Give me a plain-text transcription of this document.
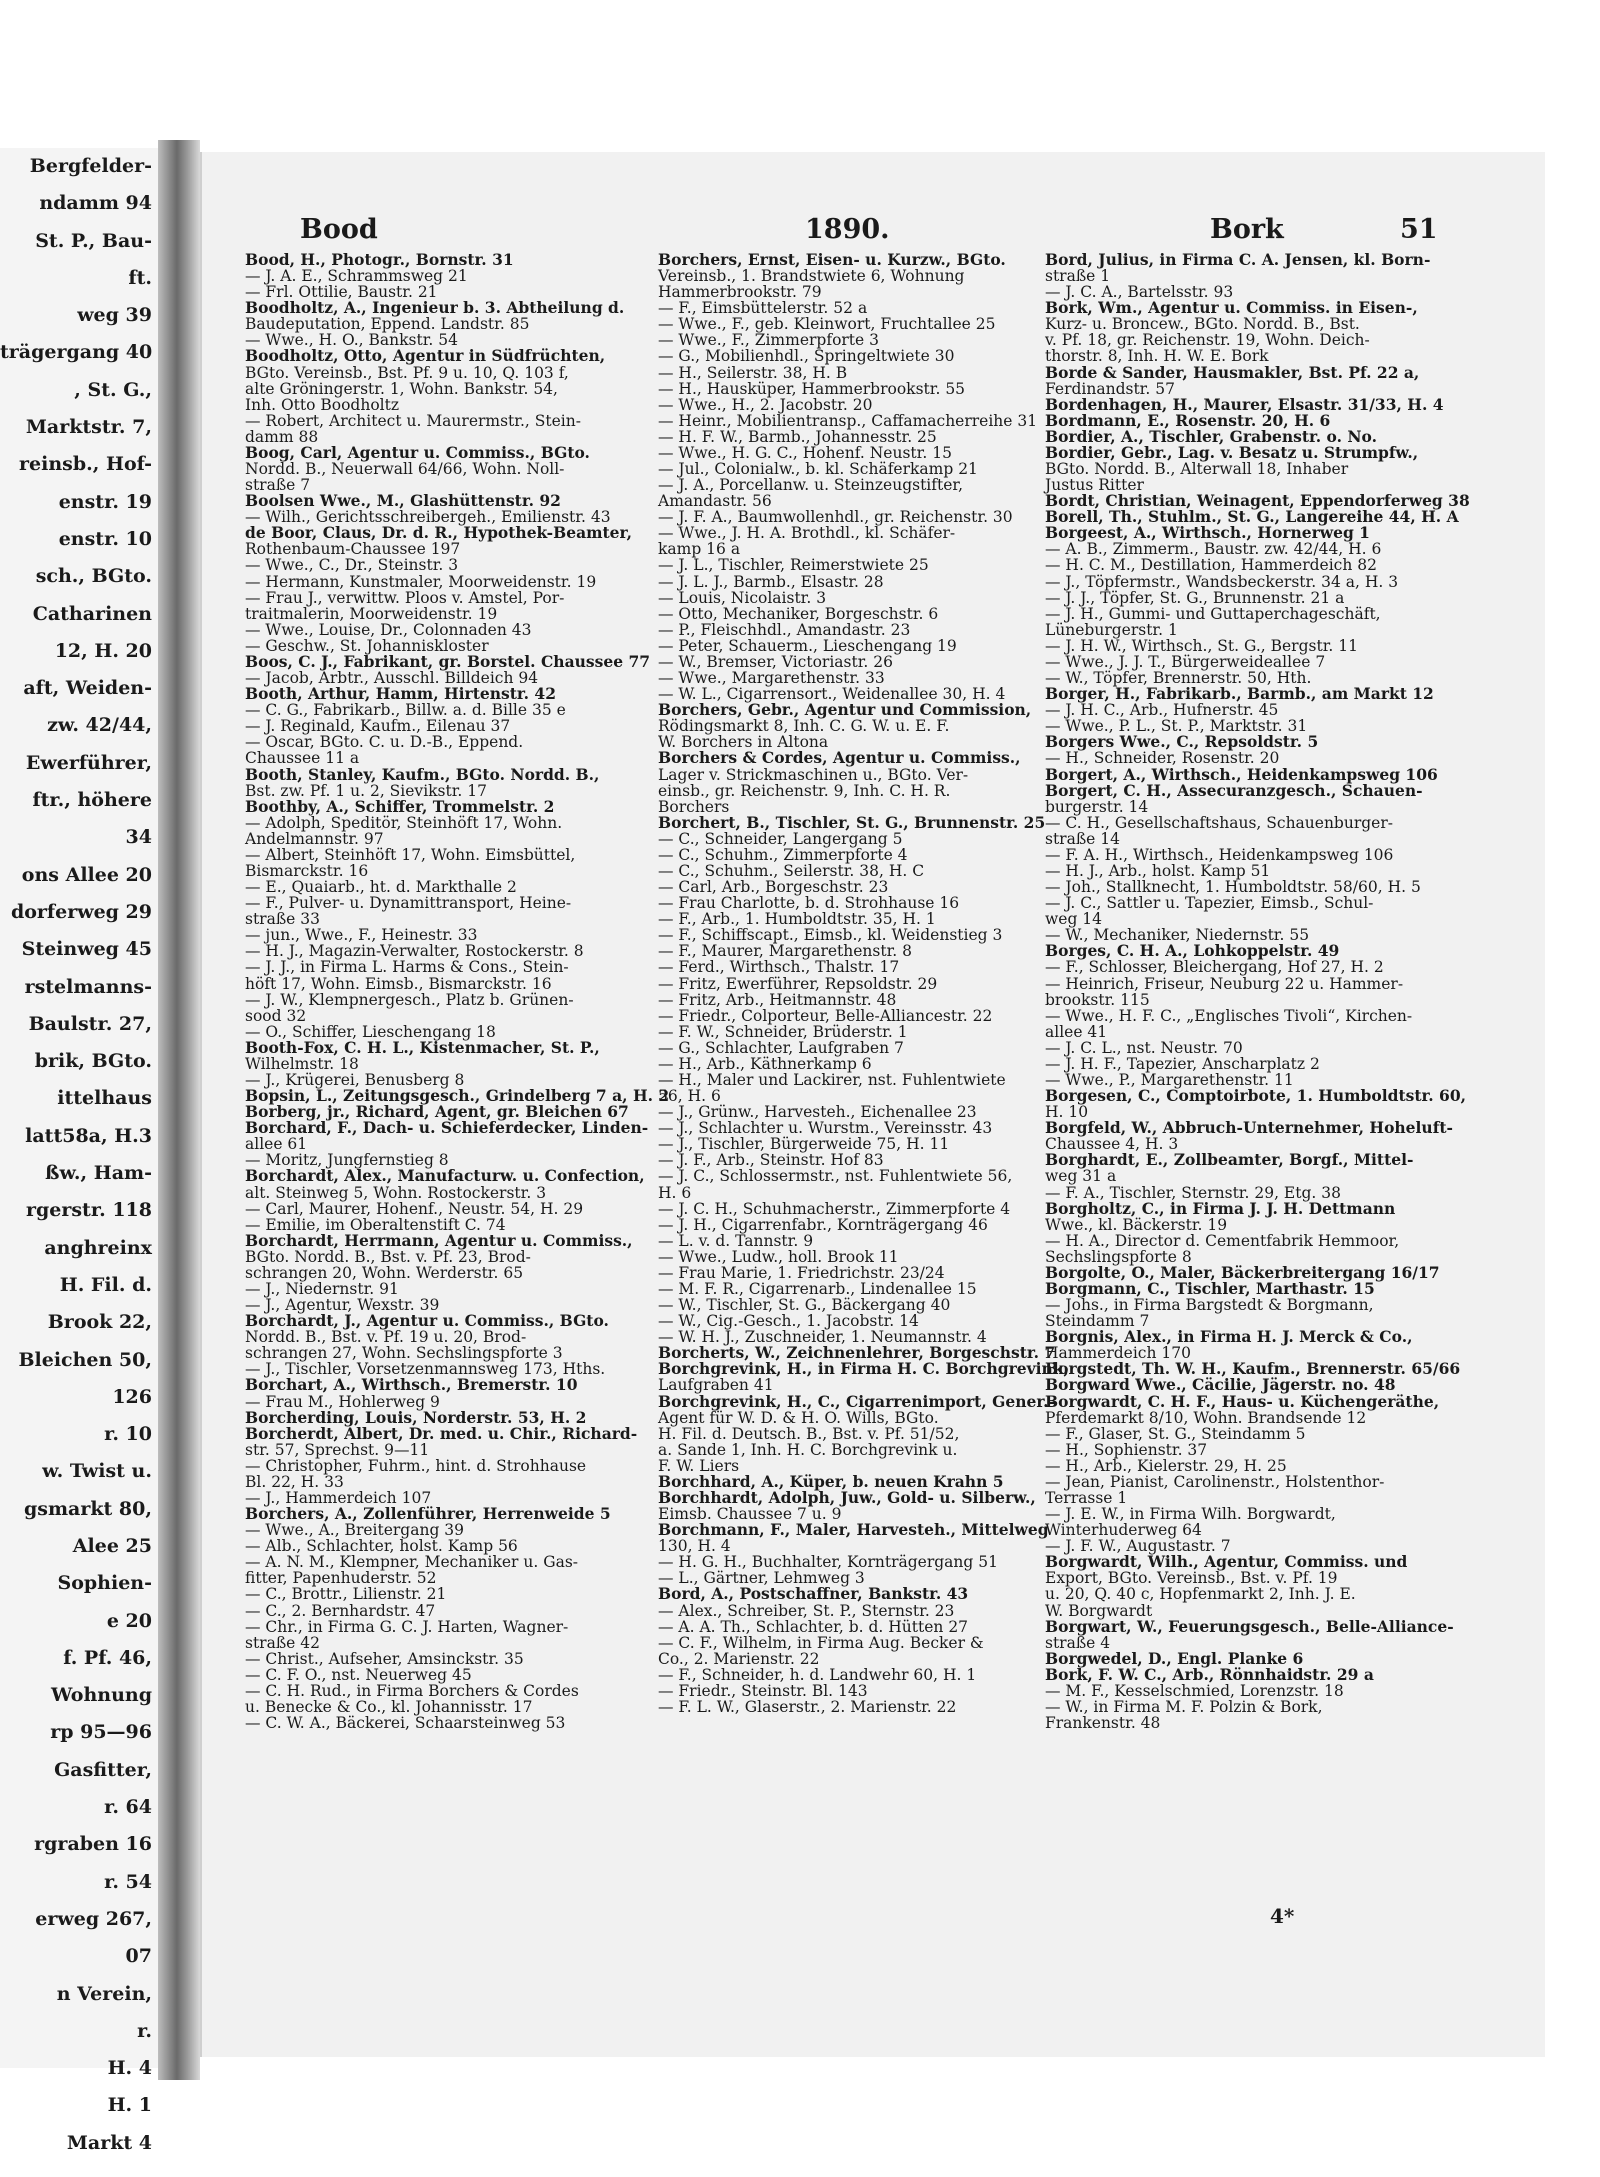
Bergfelder-
ndamm 94
St. P., Bau-
ft.
weg 39
trägergang 40
, St. G.,
Marktstr. 7,
reinsb., Hof-
enstr. 19
enstr. 10
sch., BGto.
Catharinen
12, H. 20
aft, Weiden-
zw. 42/44,
Ewerführer,
ftr., höhere
34
ons Allee 20
dorferweg 29
Steinweg 45
rstelmanns-
Baulstr. 27,
brik, BGto.
ittelhaus
latt58a, H.3
ßw., Ham-
rgerstr. 118
anghreinx
H. Fil. d.
Brook 22,
Bleichen 50,
126
r. 10
w. Twist u.
gsmarkt 80,
Alee 25
Sophien-
e 20
f. Pf. 46,
Wohnung
rp 95—96
Gasfitter,
r. 64
rgraben 16
r. 54
erweg 267,
07
n Verein,
r.
H. 4
H. 1
Markt 4
Bood	1890.	Bork	51
Bood, H., Photogr., Bornstr. 31
— J. A. E., Schrammsweg 21
— Frl. Ottilie, Baustr. 21
Boodholtz, A., Ingenieur b. 3. Abtheilung d.
Baudeputation, Eppend. Landstr. 85
— Wwe., H. O., Bankstr. 54
Boodholtz, Otto, Agentur in Südfrüchten,
BGto. Vereinsb., Bst. Pf. 9 u. 10, Q. 103 f,
alte Gröningerstr. 1, Wohn. Bankstr. 54,
Inh. Otto Boodholtz
— Robert, Architect u. Maurermstr., Stein-
damm 88
Boog, Carl, Agentur u. Commiss., BGto.
Nordd. B., Neuerwall 64/66, Wohn. Noll-
straße 7
Boolsen Wwe., M., Glashüttenstr. 92
— Wilh., Gerichtsschreibergeh., Emilienstr. 43
de Boor, Claus, Dr. d. R., Hypothek-Beamter,
Rothenbaum-Chaussee 197
— Wwe., C., Dr., Steinstr. 3
— Hermann, Kunstmaler, Moorweidenstr. 19
— Frau J., verwittw. Ploos v. Amstel, Por-
traitmalerin, Moorweidenstr. 19
— Wwe., Louise, Dr., Colonnaden 43
— Geschw., St. Johanniskloster
Boos, C. J., Fabrikant, gr. Borstel. Chaussee 77
— Jacob, Arbtr., Ausschl. Billdeich 94
Booth, Arthur, Hamm, Hirtenstr. 42
— C. G., Fabrikarb., Billw. a. d. Bille 35 e
— J. Reginald, Kaufm., Eilenau 37
— Oscar, BGto. C. u. D.-B., Eppend.
Chaussee 11 a
Booth, Stanley, Kaufm., BGto. Nordd. B.,
Bst. zw. Pf. 1 u. 2, Sievikstr. 17
Boothby, A., Schiffer, Trommelstr. 2
— Adolph, Speditör, Steinhöft 17, Wohn.
Andelmannstr. 97
— Albert, Steinhöft 17, Wohn. Eimsbüttel,
Bismarckstr. 16
— E., Quaiarb., ht. d. Markthalle 2
— F., Pulver- u. Dynamittransport, Heine-
straße 33
— jun., Wwe., F., Heinestr. 33
— H. J., Magazin-Verwalter, Rostockerstr. 8
— J. J., in Firma L. Harms & Cons., Stein-
höft 17, Wohn. Eimsb., Bismarckstr. 16
— J. W., Klempnergesch., Platz b. Grünen-
sood 32
— O., Schiffer, Lieschengang 18
Booth-Fox, C. H. L., Kistenmacher, St. P.,
Wilhelmstr. 18
— J., Krügerei, Benusberg 8
Bopsin, L., Zeitungsgesch., Grindelberg 7 a, H. 2
Borberg, jr., Richard, Agent, gr. Bleichen 67
Borchard, F., Dach- u. Schieferdecker, Linden-
allee 61
— Moritz, Jungfernstieg 8
Borchardt, Alex., Manufacturw. u. Confection,
alt. Steinweg 5, Wohn. Rostockerstr. 3
— Carl, Maurer, Hohenf., Neustr. 54, H. 29
— Emilie, im Oberaltenstift C. 74
Borchardt, Herrmann, Agentur u. Commiss.,
BGto. Nordd. B., Bst. v. Pf. 23, Brod-
schrangen 20, Wohn. Werderstr. 65
— J., Niedernstr. 91
— J., Agentur, Wexstr. 39
Borchardt, J., Agentur u. Commiss., BGto.
Nordd. B., Bst. v. Pf. 19 u. 20, Brod-
schrangen 27, Wohn. Sechslingspforte 3
— J., Tischler, Vorsetzenmannsweg 173, Hths.
Borchart, A., Wirthsch., Bremerstr. 10
— Frau M., Hohlerweg 9
Borcherding, Louis, Norderstr. 53, H. 2
Borcherdt, Albert, Dr. med. u. Chir., Richard-
str. 57, Sprechst. 9—11
— Christopher, Fuhrm., hint. d. Strohhause
Bl. 22, H. 33
— J., Hammerdeich 107
Borchers, A., Zollenführer, Herrenweide 5
— Wwe., A., Breitergang 39
— Alb., Schlachter, holst. Kamp 56
— A. N. M., Klempner, Mechaniker u. Gas-
fitter, Papenhuderstr. 52
— C., Brottr., Lilienstr. 21
— C., 2. Bernhardstr. 47
— Chr., in Firma G. C. J. Harten, Wagner-
straße 42
— Christ., Aufseher, Amsinckstr. 35
— C. F. O., nst. Neuerweg 45
— C. H. Rud., in Firma Borchers & Cordes
u. Benecke & Co., kl. Johannisstr. 17
— C. W. A., Bäckerei, Schaarsteinweg 53
Borchers, Ernst, Eisen- u. Kurzw., BGto.
Vereinsb., 1. Brandstwiete 6, Wohnung
Hammerbrookstr. 79
— F., Eimsbüttelerstr. 52 a
— Wwe., F., geb. Kleinwort, Fruchtallee 25
— Wwe., F., Zimmerpforte 3
— G., Mobilienhdl., Springeltwiete 30
— H., Seilerstr. 38, H. B
— H., Hausküper, Hammerbrookstr. 55
— Wwe., H., 2. Jacobstr. 20
— Heinr., Mobilientransp., Caffamacherreihe 31
— H. F. W., Barmb., Johannesstr. 25
— Wwe., H. G. C., Hohenf. Neustr. 15
— Jul., Colonialw., b. kl. Schäferkamp 21
— J. A., Porcellanw. u. Steinzeugstifter,
Amandastr. 56
— J. F. A., Baumwollenhdl., gr. Reichenstr. 30
— Wwe., J. H. A. Brothdl., kl. Schäfer-
kamp 16 a
— J. L., Tischler, Reimerstwiete 25
— J. L. J., Barmb., Elsastr. 28
— Louis, Nicolaistr. 3
— Otto, Mechaniker, Borgeschstr. 6
— P., Fleischhdl., Amandastr. 23
— Peter, Schauerm., Lieschengang 19
— W., Bremser, Victoriastr. 26
— Wwe., Margarethenstr. 33
— W. L., Cigarrensort., Weidenallee 30, H. 4
Borchers, Gebr., Agentur und Commission,
Rödingsmarkt 8, Inh. C. G. W. u. E. F.
W. Borchers in Altona
Borchers & Cordes, Agentur u. Commiss.,
Lager v. Strickmaschinen u., BGto. Ver-
einsb., gr. Reichenstr. 9, Inh. C. H. R.
Borchers
Borchert, B., Tischler, St. G., Brunnenstr. 25
— C., Schneider, Langergang 5
— C., Schuhm., Zimmerpforte 4
— C., Schuhm., Seilerstr. 38, H. C
— Carl, Arb., Borgeschstr. 23
— Frau Charlotte, b. d. Strohhause 16
— F., Arb., 1. Humboldtstr. 35, H. 1
— F., Schiffscapt., Eimsb., kl. Weidenstieg 3
— F., Maurer, Margarethenstr. 8
— Ferd., Wirthsch., Thalstr. 17
— Fritz, Ewerführer, Repsoldstr. 29
— Fritz, Arb., Heitmannstr. 48
— Friedr., Colporteur, Belle-Alliancestr. 22
— F. W., Schneider, Brüderstr. 1
— G., Schlachter, Laufgraben 7
— H., Arb., Käthnerkamp 6
— H., Maler und Lackirer, nst. Fuhlentwiete
56, H. 6
— J., Grünw., Harvesteh., Eichenallee 23
— J., Schlachter u. Wurstm., Vereinsstr. 43
— J., Tischler, Bürgerweide 75, H. 11
— J. F., Arb., Steinstr. Hof 83
— J. C., Schlossermstr., nst. Fuhlentwiete 56,
H. 6
— J. C. H., Schuhmacherstr., Zimmerpforte 4
— J. H., Cigarrenfabr., Kornträgergang 46
— L. v. d. Tannstr. 9
— Wwe., Ludw., holl. Brook 11
— Frau Marie, 1. Friedrichstr. 23/24
— M. F. R., Cigarrenarb., Lindenallee 15
— W., Tischler, St. G., Bäckergang 40
— W., Cig.-Gesch., 1. Jacobstr. 14
— W. H. J., Zuschneider, 1. Neumannstr. 4
Borcherts, W., Zeichnenlehrer, Borgeschstr. 7
Borchgrevink, H., in Firma H. C. Borchgrevink,
Laufgraben 41
Borchgrevink, H., C., Cigarrenimport, Gener.-
Agent für W. D. & H. O. Wills, BGto.
H. Fil. d. Deutsch. B., Bst. v. Pf. 51/52,
a. Sande 1, Inh. H. C. Borchgrevink u.
F. W. Liers
Borchhard, A., Küper, b. neuen Krahn 5
Borchhardt, Adolph, Juw., Gold- u. Silberw.,
Eimsb. Chaussee 7 u. 9
Borchmann, F., Maler, Harvesteh., Mittelweg
130, H. 4
— H. G. H., Buchhalter, Kornträgergang 51
— L., Gärtner, Lehmweg 3
Bord, A., Postschaffner, Bankstr. 43
— Alex., Schreiber, St. P., Sternstr. 23
— A. A. Th., Schlachter, b. d. Hütten 27
— C. F., Wilhelm, in Firma Aug. Becker &
Co., 2. Marienstr. 22
— F., Schneider, h. d. Landwehr 60, H. 1
— Friedr., Steinstr. Bl. 143
— F. L. W., Glaserstr., 2. Marienstr. 22
Bord, Julius, in Firma C. A. Jensen, kl. Born-
straße 1
— J. C. A., Bartelsstr. 93
Bork, Wm., Agentur u. Commiss. in Eisen-,
Kurz- u. Broncew., BGto. Nordd. B., Bst.
v. Pf. 18, gr. Reichenstr. 19, Wohn. Deich-
thorstr. 8, Inh. H. W. E. Bork
Borde & Sander, Hausmakler, Bst. Pf. 22 a,
Ferdinandstr. 57
Bordenhagen, H., Maurer, Elsastr. 31/33, H. 4
Bordmann, E., Rosenstr. 20, H. 6
Bordier, A., Tischler, Grabenstr. o. No.
Bordier, Gebr., Lag. v. Besatz u. Strumpfw.,
BGto. Nordd. B., Alterwall 18, Inhaber
Justus Ritter
Bordt, Christian, Weinagent, Eppendorferweg 38
Borell, Th., Stuhlm., St. G., Langereihe 44, H. A
Borgeest, A., Wirthsch., Hornerweg 1
— A. B., Zimmerm., Baustr. zw. 42/44, H. 6
— H. C. M., Destillation, Hammerdeich 82
— J., Töpfermstr., Wandsbeckerstr. 34 a, H. 3
— J. J., Töpfer, St. G., Brunnenstr. 21 a
— J. H., Gummi- und Guttaperchageschäft,
Lüneburgerstr. 1
— J. H. W., Wirthsch., St. G., Bergstr. 11
— Wwe., J. J. T., Bürgerweideallee 7
— W., Töpfer, Brennerstr. 50, Hth.
Borger, H., Fabrikarb., Barmb., am Markt 12
— J. H. C., Arb., Hufnerstr. 45
— Wwe., P. L., St. P., Marktstr. 31
Borgers Wwe., C., Repsoldstr. 5
— H., Schneider, Rosenstr. 20
Borgert, A., Wirthsch., Heidenkampsweg 106
Borgert, C. H., Assecuranzgesch., Schauen-
burgerstr. 14
— C. H., Gesellschaftshaus, Schauenburger-
straße 14
— F. A. H., Wirthsch., Heidenkampsweg 106
— H. J., Arb., holst. Kamp 51
— Joh., Stallknecht, 1. Humboldtstr. 58/60, H. 5
— J. C., Sattler u. Tapezier, Eimsb., Schul-
weg 14
— W., Mechaniker, Niedernstr. 55
Borges, C. H. A., Lohkoppelstr. 49
— F., Schlosser, Bleichergang, Hof 27, H. 2
— Heinrich, Friseur, Neuburg 22 u. Hammer-
brookstr. 115
— Wwe., H. F. C., „Englisches Tivoli“, Kirchen-
allee 41
— J. C. L., nst. Neustr. 70
— J. H. F., Tapezier, Anscharplatz 2
— Wwe., P., Margarethenstr. 11
Borgesen, C., Comptoirbote, 1. Humboldtstr. 60,
H. 10
Borgfeld, W., Abbruch-Unternehmer, Hoheluft-
Chaussee 4, H. 3
Borghardt, E., Zollbeamter, Borgf., Mittel-
weg 31 a
— F. A., Tischler, Sternstr. 29, Etg. 38
Borgholtz, C., in Firma J. J. H. Dettmann
Wwe., kl. Bäckerstr. 19
— H. A., Director d. Cementfabrik Hemmoor,
Sechslingspforte 8
Borgolte, O., Maler, Bäckerbreitergang 16/17
Borgmann, C., Tischler, Marthastr. 15
— Johs., in Firma Bargstedt & Borgmann,
Steindamm 7
Borgnis, Alex., in Firma H. J. Merck & Co.,
Hammerdeich 170
Borgstedt, Th. W. H., Kaufm., Brennerstr. 65/66
Borgward Wwe., Cäcilie, Jägerstr. no. 48
Borgwardt, C. H. F., Haus- u. Küchengeräthe,
Pferdemarkt 8/10, Wohn. Brandsende 12
— F., Glaser, St. G., Steindamm 5
— H., Sophienstr. 37
— H., Arb., Kielerstr. 29, H. 25
— Jean, Pianist, Carolinenstr., Holstenthor-
Terrasse 1
— J. E. W., in Firma Wilh. Borgwardt,
Winterhuderweg 64
— J. F. W., Augustastr. 7
Borgwardt, Wilh., Agentur, Commiss. und
Export, BGto. Vereinsb., Bst. v. Pf. 19
u. 20, Q. 40 c, Hopfenmarkt 2, Inh. J. E.
W. Borgwardt
Borgwart, W., Feuerungsgesch., Belle-Alliance-
straße 4
Borgwedel, D., Engl. Planke 6
Bork, F. W. C., Arb., Rönnhaidstr. 29 a
— M. F., Kesselschmied, Lorenzstr. 18
— W., in Firma M. F. Polzin & Bork,
Frankenstr. 48
4*
